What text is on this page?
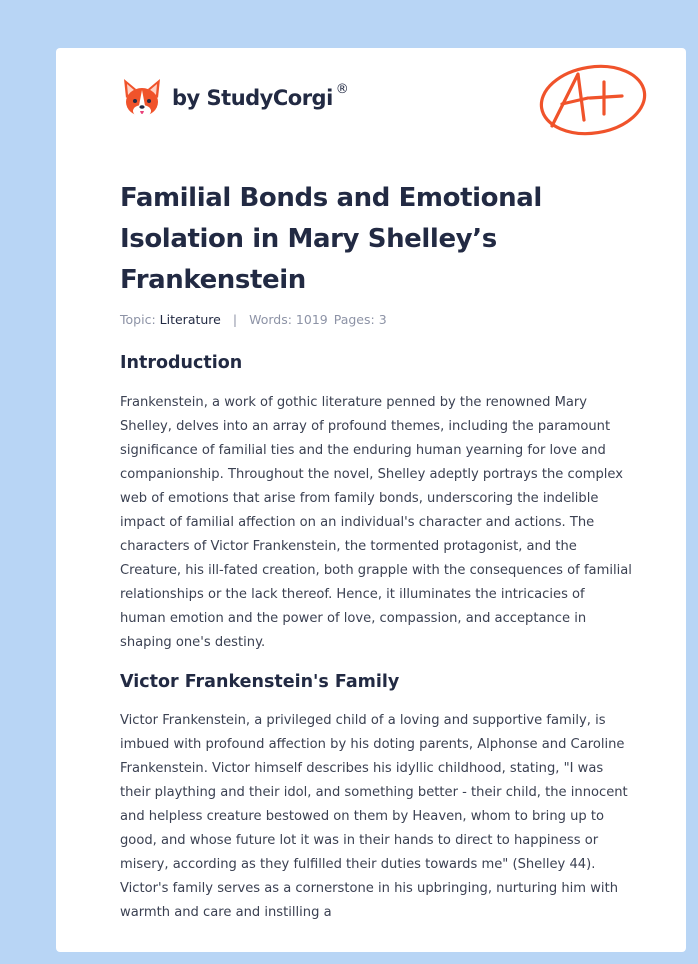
by StudyCorgi ®
Familial Bonds and Emotional Isolation in Mary Shelley’s Frankenstein
Topic: Literature | Words: 1019 Pages: 3
Introduction

Frankenstein, a work of gothic literature penned by the renowned Mary Shelley, delves into an array of profound themes, including the paramount significance of familial ties and the enduring human yearning for love and companionship. Throughout the novel, Shelley adeptly portrays the complex web of emotions that arise from family bonds, underscoring the indelible impact of familial affection on an individual's character and actions. The characters of Victor Frankenstein, the tormented protagonist, and the Creature, his ill-fated creation, both grapple with the consequences of familial relationships or the lack thereof. Hence, it illuminates the intricacies of human emotion and the power of love, compassion, and acceptance in shaping one's destiny.

Victor Frankenstein's Family

Victor Frankenstein, a privileged child of a loving and supportive family, is imbued with profound affection by his doting parents, Alphonse and Caroline Frankenstein. Victor himself describes his idyllic childhood, stating, "I was their plaything and their idol, and something better - their child, the innocent and helpless creature bestowed on them by Heaven, whom to bring up to good, and whose future lot it was in their hands to direct to happiness or misery, according as they fulfilled their duties towards me" (Shelley 44). Victor's family serves as a cornerstone in his upbringing, nurturing him with warmth and care and instilling a
